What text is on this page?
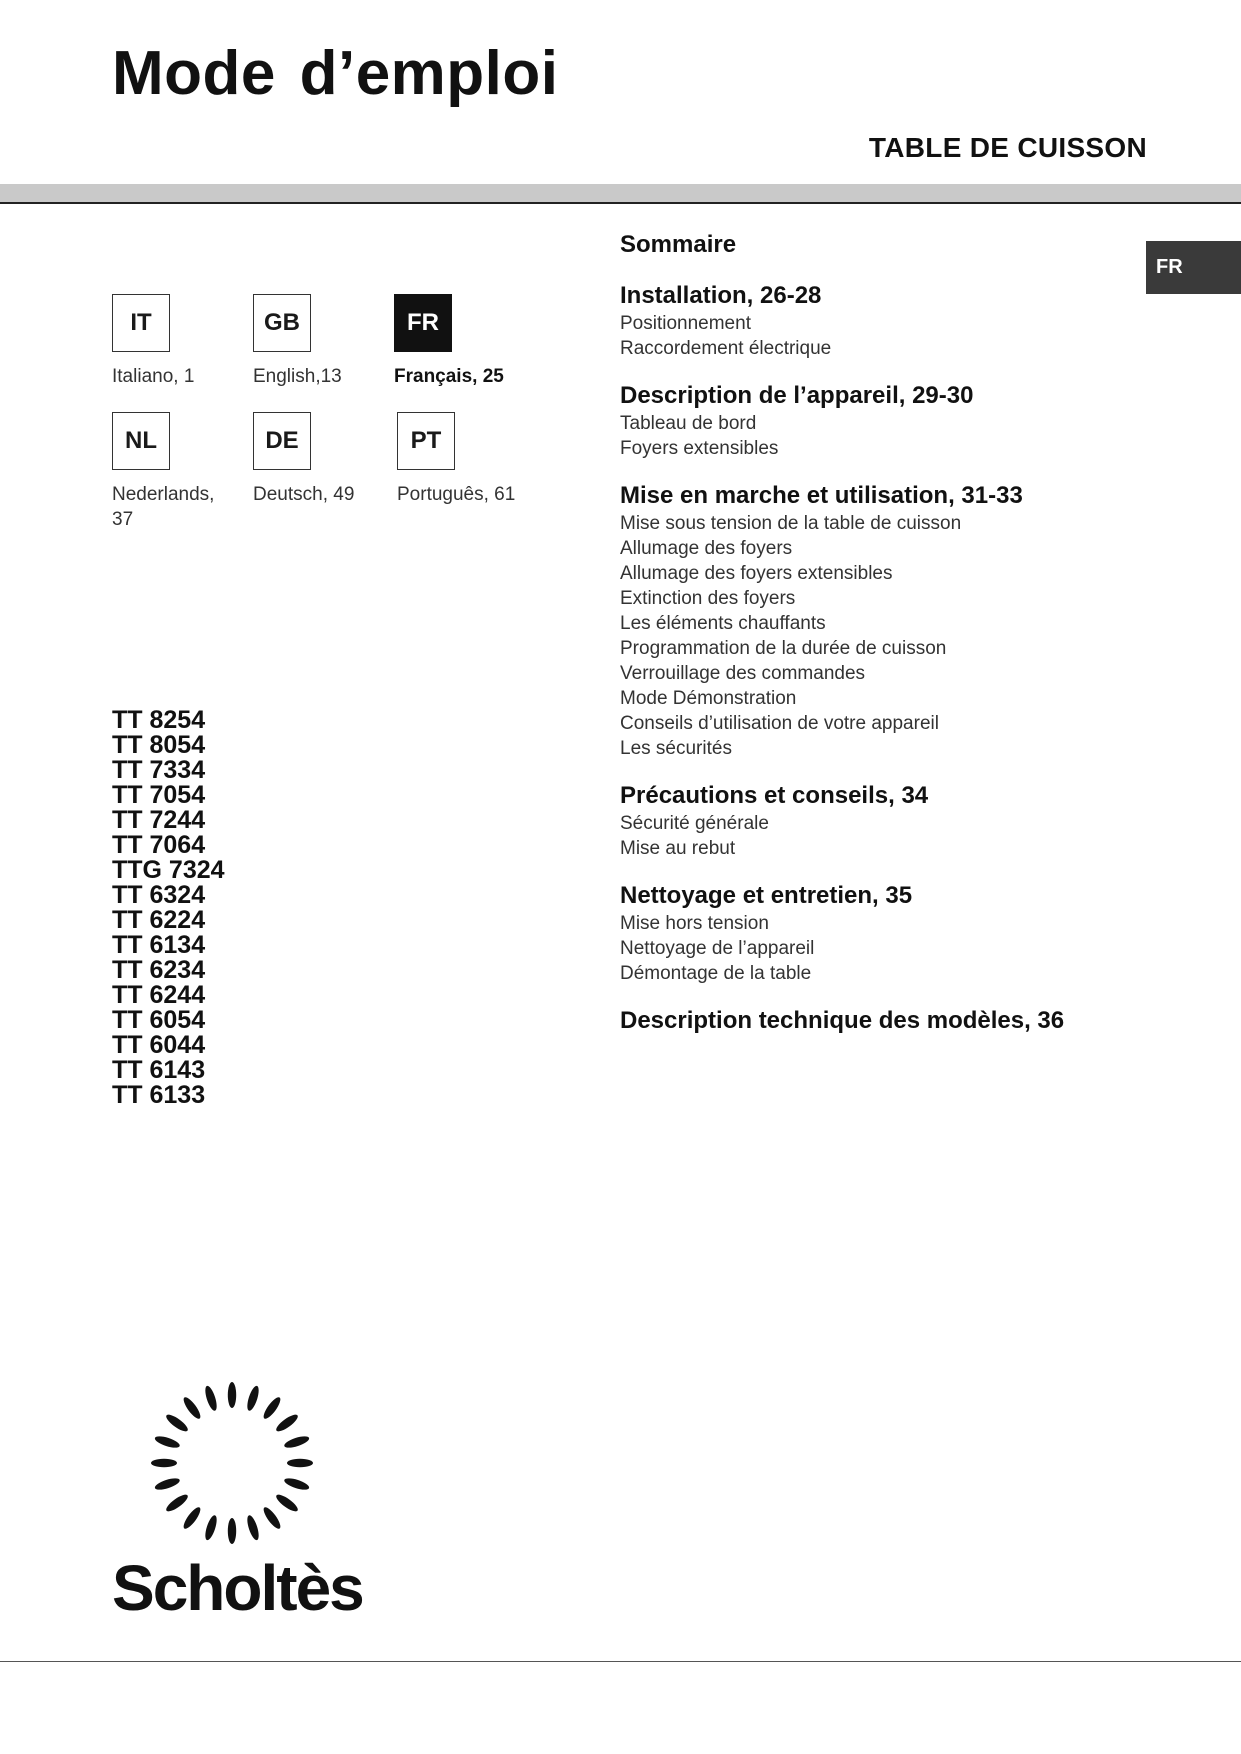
Mode d’emploi
TABLE DE CUISSON
FR
IT
Italiano, 1
GB
English,13
FR
Français, 25
NL
Nederlands, 37
DE
Deutsch, 49
PT
Português, 61
TT 8254
TT 8054
TT 7334
TT 7054
TT 7244
TT 7064
TTG 7324
TT 6324
TT 6224
TT 6134
TT 6234
TT 6244
TT 6054
TT 6044
TT 6143
TT 6133
Sommaire
Installation, 26-28
Positionnement
Raccordement électrique
Description de l’appareil, 29-30
Tableau de bord
Foyers extensibles
Mise en marche et utilisation, 31-33
Mise sous tension de la table de cuisson
Allumage des foyers
Allumage des foyers extensibles
Extinction des foyers
Les éléments chauffants
Programmation de la durée de cuisson
Verrouillage des commandes
Mode Démonstration
Conseils d’utilisation de votre appareil
Les sécurités
Précautions et conseils, 34
Sécurité générale
Mise au rebut
Nettoyage et entretien, 35
Mise hors tension
Nettoyage de l’appareil
Démontage de la table
Description technique des modèles, 36
Scholtès
